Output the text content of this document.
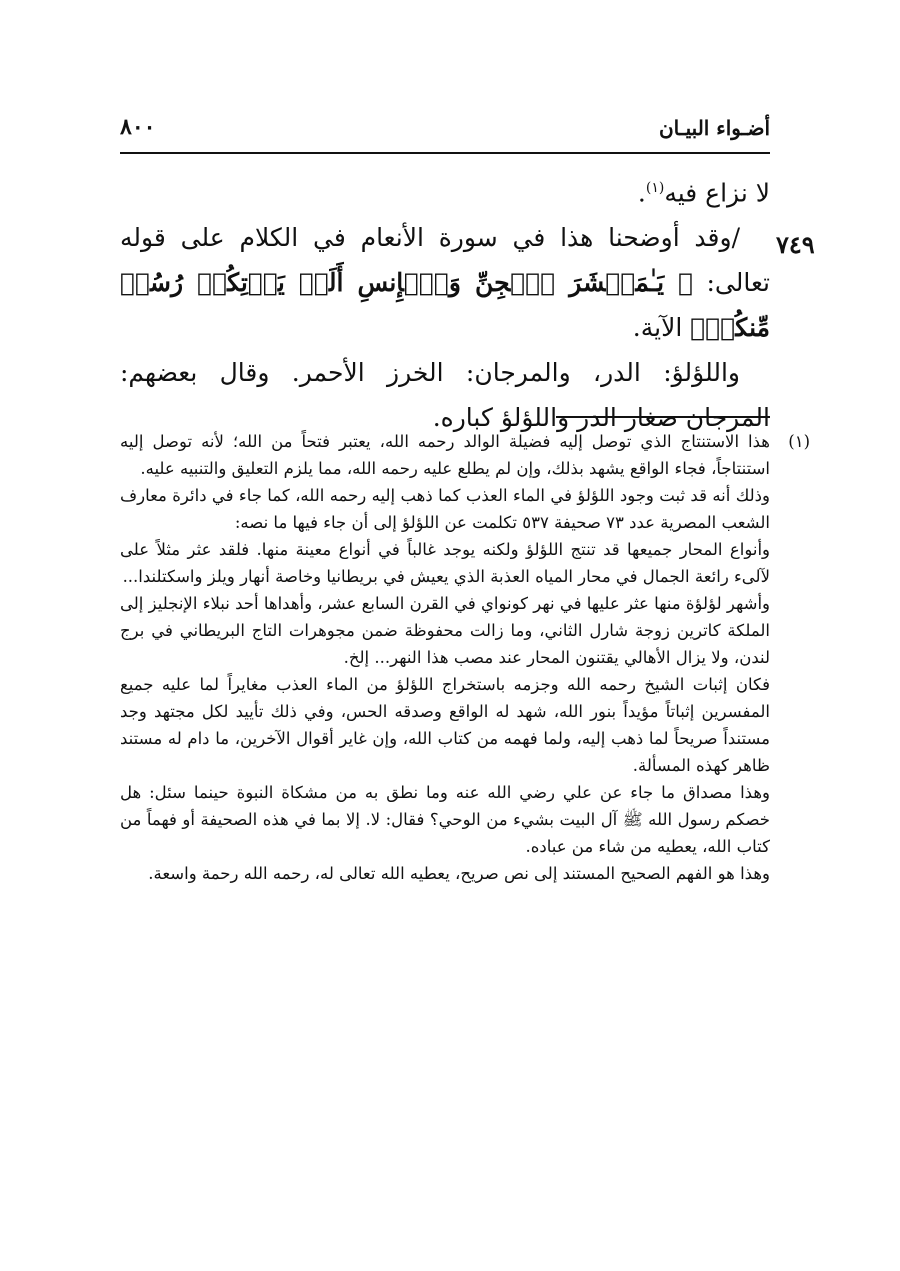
أضـواء البيـان
٨٠٠
٧٤٩

لا نزاع فيه$^{(١)}$.

/وقد أوضحنا هذا في سورة الأنعام في الكلام على قوله تعالى: ﴿ يَـٰمَعۡشَرَ ٱلۡجِنِّ وَٱلۡإِنسِ أَلَمۡ يَأۡتِكُمۡ رُسُلٞ مِّنكُمۡ﴾ الآية.

واللؤلؤ: الدر، والمرجان: الخرز الأحمر. وقال بعضهم: المرجان صغار الدر واللؤلؤ كباره.

(١)
هذا الاستنتاج الذي توصل إليه فضيلة الوالد رحمه الله، يعتبر فتحاً من الله؛ لأنه توصل إليه استنتاجاً، فجاء الواقع يشهد بذلك، وإن لم يطلع عليه رحمه الله، مما يلزم التعليق والتنبيه عليه.

وذلك أنه قد ثبت وجود اللؤلؤ في الماء العذب كما ذهب إليه رحمه الله، كما جاء في دائرة معارف الشعب المصرية عدد ٧٣ صحيفة ٥٣٧ تكلمت عن اللؤلؤ إلى أن جاء فيها ما نصه:

وأنواع المحار جميعها قد تنتج اللؤلؤ ولكنه يوجد غالباً في أنواع معينة منها. فلقد عثر مثلاً على لآلىء رائعة الجمال في محار المياه العذبة الذي يعيش في بريطانيا وخاصة أنهار ويلز واسكتلندا...

وأشهر لؤلؤة منها عثر عليها في نهر كونواي في القرن السابع عشر، وأهداها أحد نبلاء الإنجليز إلى الملكة كاترين زوجة شارل الثاني، وما زالت محفوظة ضمن مجوهرات التاج البريطاني في برج لندن، ولا يزال الأهالي يقتنون المحار عند مصب هذا النهر... إلخ.

فكان إثبات الشيخ رحمه الله وجزمه باستخراج اللؤلؤ من الماء العذب مغايراً لما عليه جميع المفسرين إثباتاً مؤيداً بنور الله، شهد له الواقع وصدقه الحس، وفي ذلك تأييد لكل مجتهد وجد مستنداً صريحاً لما ذهب إليه، ولما فهمه من كتاب الله، وإن غاير أقوال الآخرين، ما دام له مستند ظاهر كهذه المسألة.

وهذا مصداق ما جاء عن علي رضي الله عنه وما نطق به من مشكاة النبوة حينما سئل: هل خصكم رسول الله ﷺ آل البيت بشيء من الوحي؟ فقال: لا. إلا بما في هذه الصحيفة أو فهماً من كتاب الله، يعطيه من شاء من عباده.

وهذا هو الفهم الصحيح المستند إلى نص صريح، يعطيه الله تعالى له، رحمه الله رحمة واسعة.
